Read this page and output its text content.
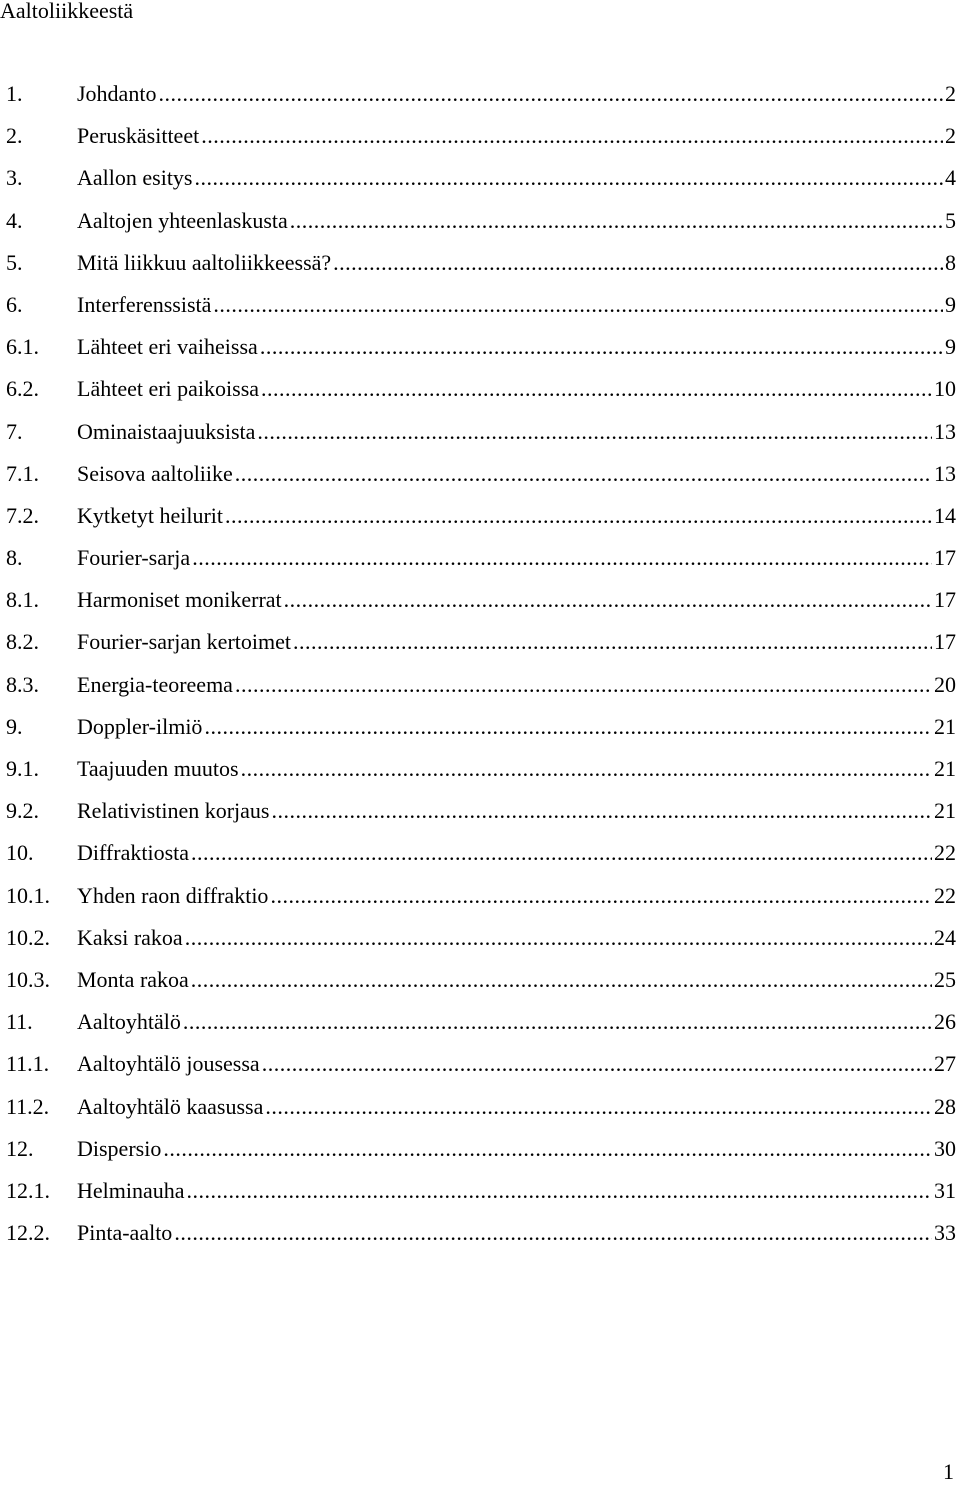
Aaltoliikkeestä
1.	Johdanto .....	2
2.	Peruskäsitteet .....	2
3.	Aallon esitys .....	4
4.	Aaltojen yhteenlaskusta .....	5
5.	Mitä liikkuu aaltoliikkeessä? .....	8
6.	Interferenssistä .....	9
6.1.	Lähteet eri vaiheissa .....	9
6.2.	Lähteet eri paikoissa .....	10
7.	Ominaistaajuuksista .....	13
7.1.	Seisova aaltoliike .....	13
7.2.	Kytketyt heilurit .....	14
8.	Fourier-sarja .....	17
8.1.	Harmoniset monikerrat .....	17
8.2.	Fourier-sarjan kertoimet .....	17
8.3.	Energia-teoreema .....	20
9.	Doppler-ilmiö .....	21
9.1.	Taajuuden muutos .....	21
9.2.	Relativistinen korjaus .....	21
10.	Diffraktiosta .....	22
10.1.	Yhden raon diffraktio .....	22
10.2.	Kaksi rakoa .....	24
10.3.	Monta rakoa .....	25
11.	Aaltoyhtälö .....	26
11.1.	Aaltoyhtälö jousessa .....	27
11.2.	Aaltoyhtälö kaasussa .....	28
12.	Dispersio .....	30
12.1.	Helminauha .....	31
12.2.	Pinta-aalto .....	33
1
